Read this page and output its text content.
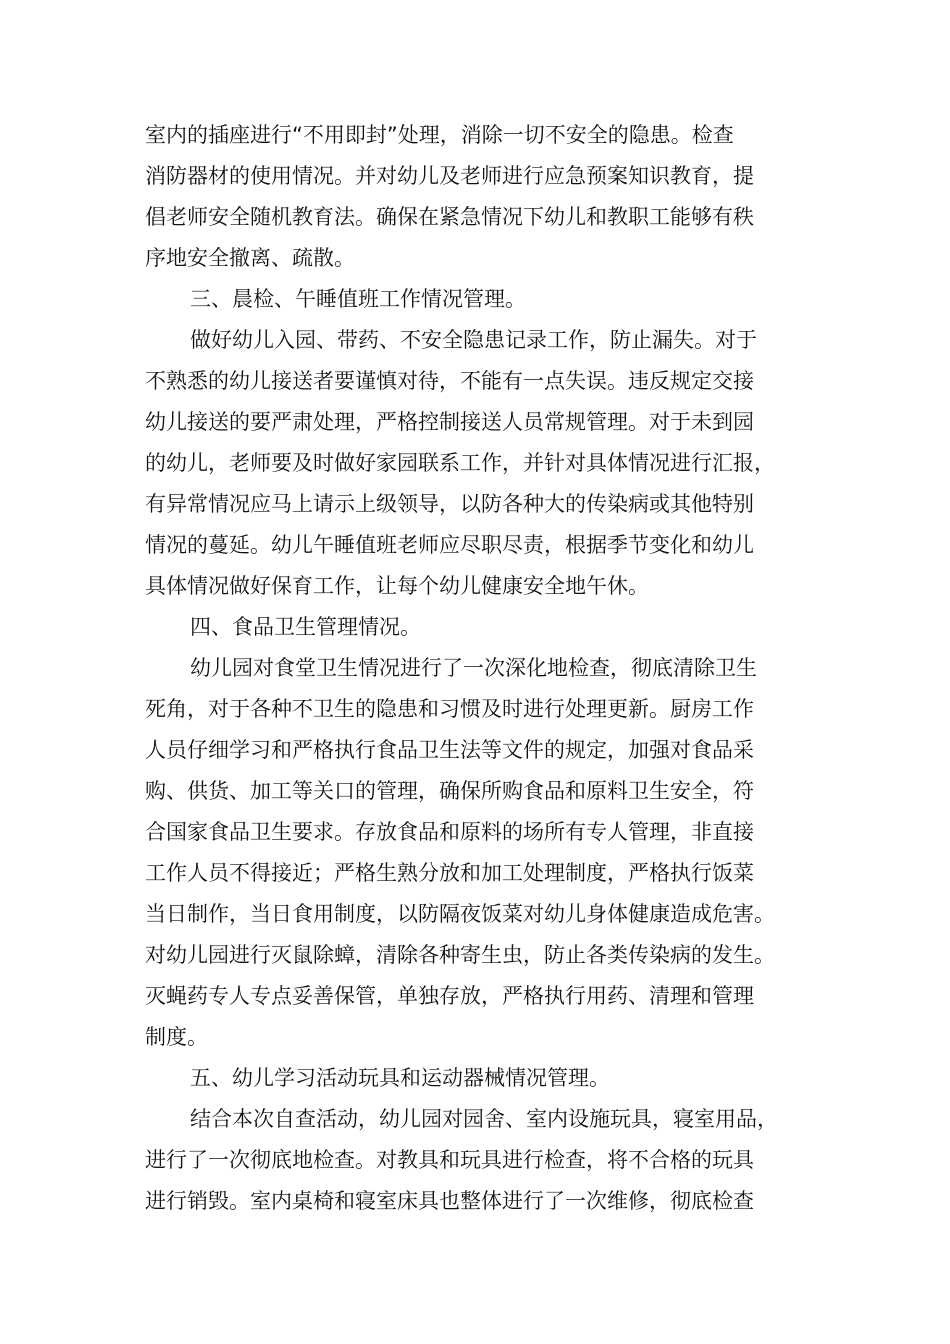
室内的插座进行“不用即封”处理，消除一切不安全的隐患。检查

消防器材的使用情况。并对幼儿及老师进行应急预案知识教育，提

倡老师安全随机教育法。确保在紧急情况下幼儿和教职工能够有秩

序地安全撤离、疏散。

三、晨检、午睡值班工作情况管理。

做好幼儿入园、带药、不安全隐患记录工作，防止漏失。对于

不熟悉的幼儿接送者要谨慎对待，不能有一点失误。违反规定交接

幼儿接送的要严肃处理，严格控制接送人员常规管理。对于未到园

的幼儿，老师要及时做好家园联系工作，并针对具体情况进行汇报，

有异常情况应马上请示上级领导，以防各种大的传染病或其他特别

情况的蔓延。幼儿午睡值班老师应尽职尽责，根据季节变化和幼儿

具体情况做好保育工作，让每个幼儿健康安全地午休。

四、食品卫生管理情况。

幼儿园对食堂卫生情况进行了一次深化地检查，彻底清除卫生

死角，对于各种不卫生的隐患和习惯及时进行处理更新。厨房工作

人员仔细学习和严格执行食品卫生法等文件的规定，加强对食品采

购、供货、加工等关口的管理，确保所购食品和原料卫生安全，符

合国家食品卫生要求。存放食品和原料的场所有专人管理，非直接

工作人员不得接近；严格生熟分放和加工处理制度，严格执行饭菜

当日制作，当日食用制度，以防隔夜饭菜对幼儿身体健康造成危害。

对幼儿园进行灭鼠除蟑，清除各种寄生虫，防止各类传染病的发生。

灭蝇药专人专点妥善保管，单独存放，严格执行用药、清理和管理

制度。

五、幼儿学习活动玩具和运动器械情况管理。

结合本次自查活动，幼儿园对园舍、室内设施玩具，寝室用品，

进行了一次彻底地检查。对教具和玩具进行检查，将不合格的玩具

进行销毁。室内桌椅和寝室床具也整体进行了一次维修，彻底检查
